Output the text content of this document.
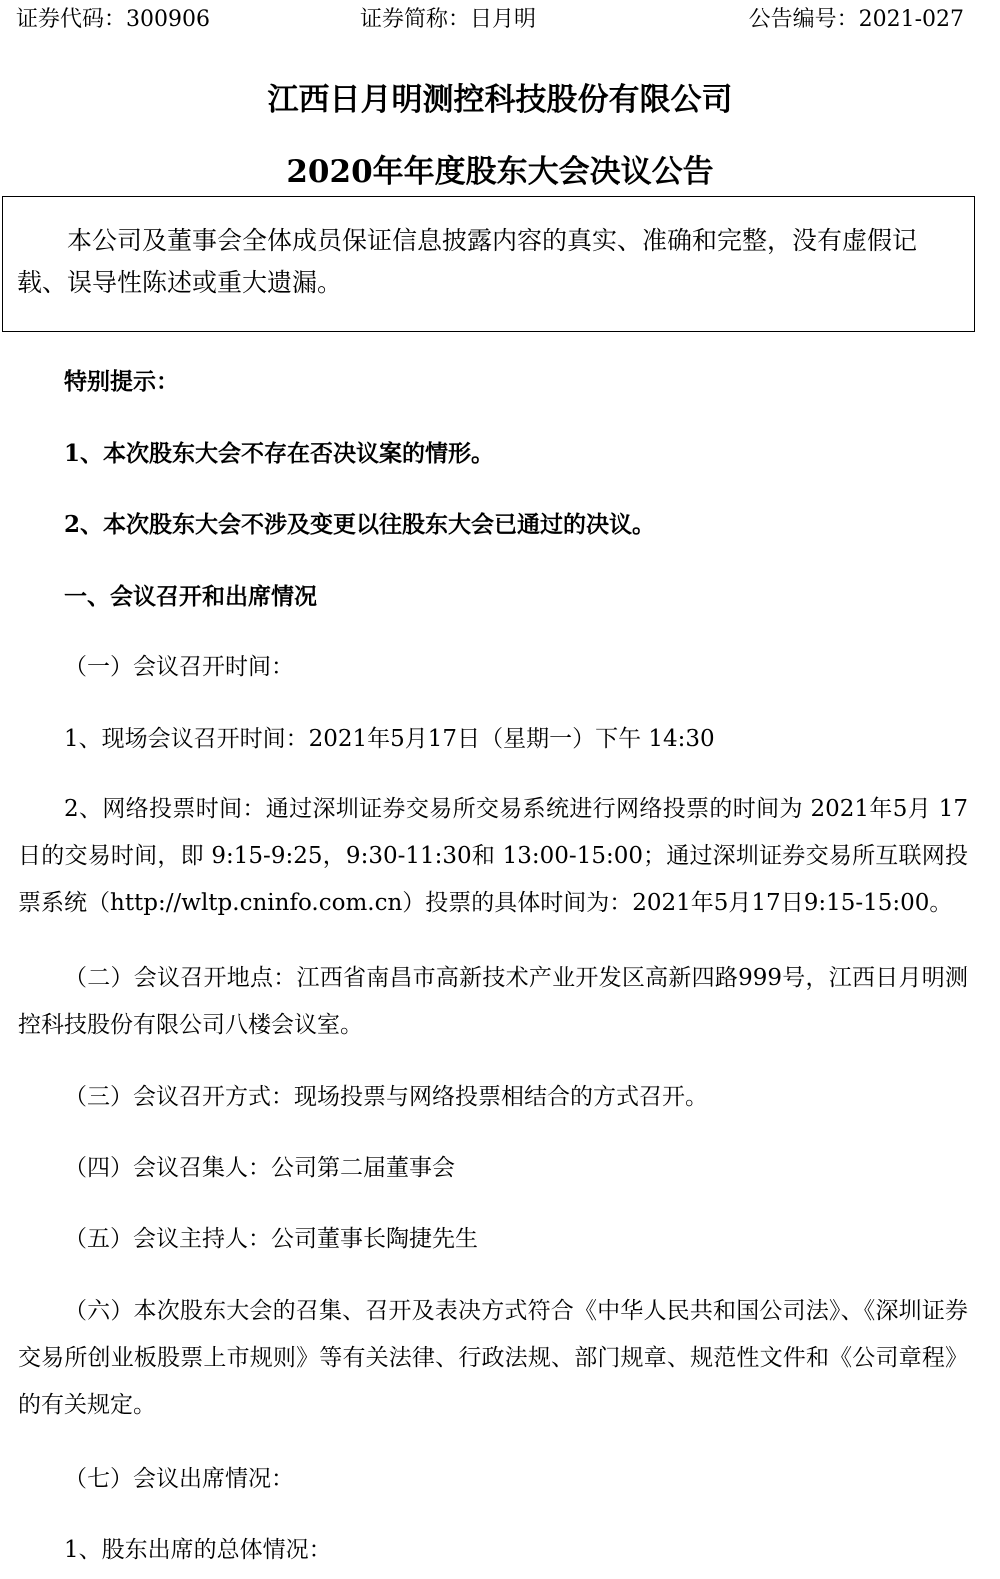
证券代码：300906	证券简称：日月明	公告编号：2021-027
江西日月明测控科技股份有限公司
2020年年度股东大会决议公告
本公司及董事会全体成员保证信息披露内容的真实、准确和完整，没有虚假记载、误导性陈述或重大遗漏。
特别提示：
1、本次股东大会不存在否决议案的情形。
2、本次股东大会不涉及变更以往股东大会已通过的决议。
一、会议召开和出席情况
（一）会议召开时间：
1、现场会议召开时间：2021年5月17日（星期一）下午 14:30
2、网络投票时间：通过深圳证券交易所交易系统进行网络投票的时间为 2021年5月 17日的交易时间，即 9:15-9:25，9:30-11:30和 13:00-15:00；通过深圳证券交易所互联网投票系统（http://wltp.cninfo.com.cn）投票的具体时间为：2021年5月17日9:15-15:00。
（二）会议召开地点：江西省南昌市高新技术产业开发区高新四路999号，江西日月明测控科技股份有限公司八楼会议室。
（三）会议召开方式：现场投票与网络投票相结合的方式召开。
（四）会议召集人：公司第二届董事会
（五）会议主持人：公司董事长陶捷先生
（六）本次股东大会的召集、召开及表决方式符合《中华人民共和国公司法》、《深圳证券交易所创业板股票上市规则》等有关法律、行政法规、部门规章、规范性文件和《公司章程》的有关规定。
（七）会议出席情况：
1、股东出席的总体情况：
